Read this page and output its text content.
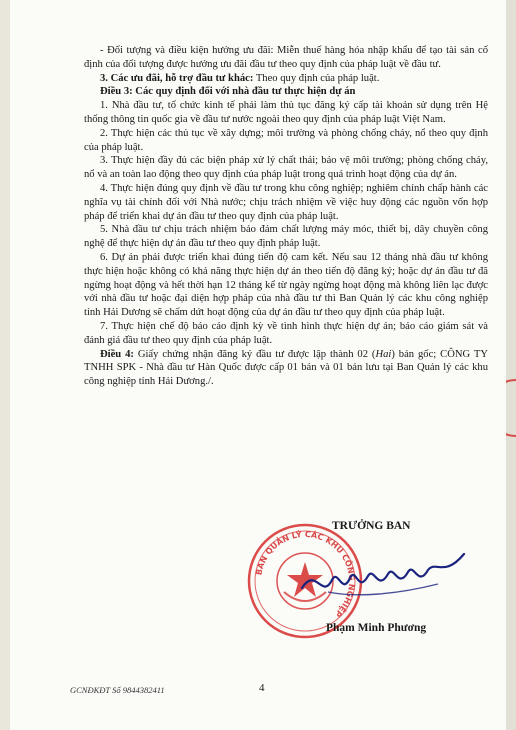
- Đối tượng và điều kiện hưởng ưu đãi: Miễn thuế hàng hóa nhập khẩu để tạo tài sản cố định của đối tượng được hưởng ưu đãi đầu tư theo quy định của pháp luật về đầu tư.

3. Các ưu đãi, hỗ trợ đầu tư khác: Theo quy định của pháp luật.

Điều 3: Các quy định đối với nhà đầu tư thực hiện dự án

1. Nhà đầu tư, tổ chức kinh tế phải làm thủ tục đăng ký cấp tài khoản sử dụng trên Hệ thống thông tin quốc gia về đầu tư nước ngoài theo quy định của pháp luật Việt Nam.

2. Thực hiện các thủ tục về xây dựng; môi trường và phòng chống cháy, nổ theo quy định của pháp luật.

3. Thực hiện đầy đủ các biện pháp xử lý chất thải; bảo vệ môi trường; phòng chống cháy, nổ và an toàn lao động theo quy định của pháp luật trong quá trình hoạt động của dự án.

4. Thực hiện đúng quy định về đầu tư trong khu công nghiệp; nghiêm chỉnh chấp hành các nghĩa vụ tài chính đối với Nhà nước; chịu trách nhiệm về việc huy động các nguồn vốn hợp pháp để triển khai dự án đầu tư theo quy định của pháp luật.

5. Nhà đầu tư chịu trách nhiệm bảo đảm chất lượng máy móc, thiết bị, dây chuyền công nghệ để thực hiện dự án đầu tư theo quy định pháp luật.

6. Dự án phải được triển khai đúng tiến độ cam kết. Nếu sau 12 tháng nhà đầu tư không thực hiện hoặc không có khả năng thực hiện dự án theo tiến độ đăng ký; hoặc dự án đầu tư đã ngừng hoạt động và hết thời hạn 12 tháng kể từ ngày ngừng hoạt động mà không liên lạc được với nhà đầu tư hoặc đại diện hợp pháp của nhà đầu tư thì Ban Quản lý các khu công nghiệp tỉnh Hải Dương sẽ chấm dứt hoạt động của dự án đầu tư theo quy định của pháp luật.

7. Thực hiện chế độ báo cáo định kỳ về tình hình thực hiện dự án; báo cáo giám sát và đánh giá đầu tư theo quy định của pháp luật.

Điều 4: Giấy chứng nhận đăng ký đầu tư được lập thành 02 (Hai) bản gốc; CÔNG TY TNHH SPK - Nhà đầu tư Hàn Quốc được cấp 01 bản và 01 bản lưu tại Ban Quản lý các khu công nghiệp tỉnh Hải Dương./.

TRƯỞNG BAN
BAN QUẢN LÝ CÁC KHU CÔNG NGHIỆP
Phạm Minh Phương
GCNĐKĐT Số 9844382411	4
